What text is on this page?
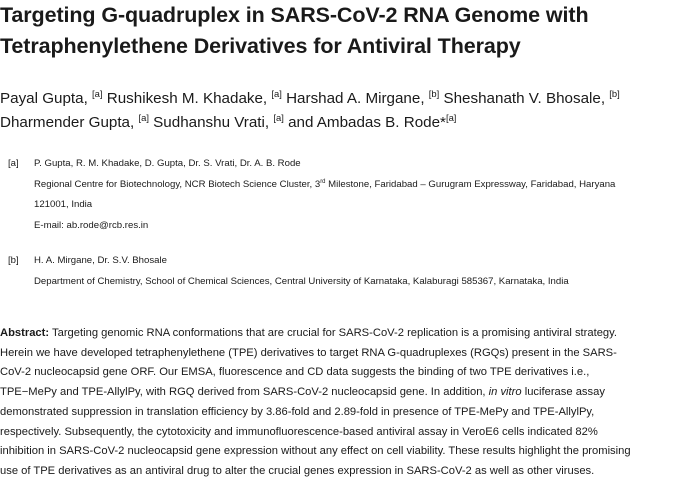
Targeting G-quadruplex in SARS-CoV-2 RNA Genome with
Tetraphenylethene Derivatives for Antiviral Therapy
Payal Gupta, [a] Rushikesh M. Khadake, [a] Harshad A. Mirgane, [b] Sheshanath V. Bhosale, [b]
Dharmender Gupta, [a] Sudhanshu Vrati, [a] and Ambadas B. Rode*[a]
[a] P. Gupta, R. M. Khadake, D. Gupta, Dr. S. Vrati, Dr. A. B. Rode
Regional Centre for Biotechnology, NCR Biotech Science Cluster, 3rd Milestone, Faridabad – Gurugram Expressway, Faridabad, Haryana
121001, India
E-mail: ab.rode@rcb.res.in
[b] H. A. Mirgane, Dr. S.V. Bhosale
Department of Chemistry, School of Chemical Sciences, Central University of Karnataka, Kalaburagi 585367, Karnataka, India
Abstract: Targeting genomic RNA conformations that are crucial for SARS-CoV-2 replication is a promising antiviral strategy.
Herein we have developed tetraphenylethene (TPE) derivatives to target RNA G-quadruplexes (RGQs) present in the SARS-
CoV-2 nucleocapsid gene ORF. Our EMSA, fluorescence and CD data suggests the binding of two TPE derivatives i.e.,
TPE−MePy and TPE-AllylPy, with RGQ derived from SARS-CoV-2 nucleocapsid gene. In addition, in vitro luciferase assay
demonstrated suppression in translation efficiency by 3.86-fold and 2.89-fold in presence of TPE-MePy and TPE-AllylPy,
respectively. Subsequently, the cytotoxicity and immunofluorescence-based antiviral assay in VeroE6 cells indicated 82%
inhibition in SARS-CoV-2 nucleocapsid gene expression without any effect on cell viability. These results highlight the promising
use of TPE derivatives as an antiviral drug to alter the crucial genes expression in SARS-CoV-2 as well as other viruses.
